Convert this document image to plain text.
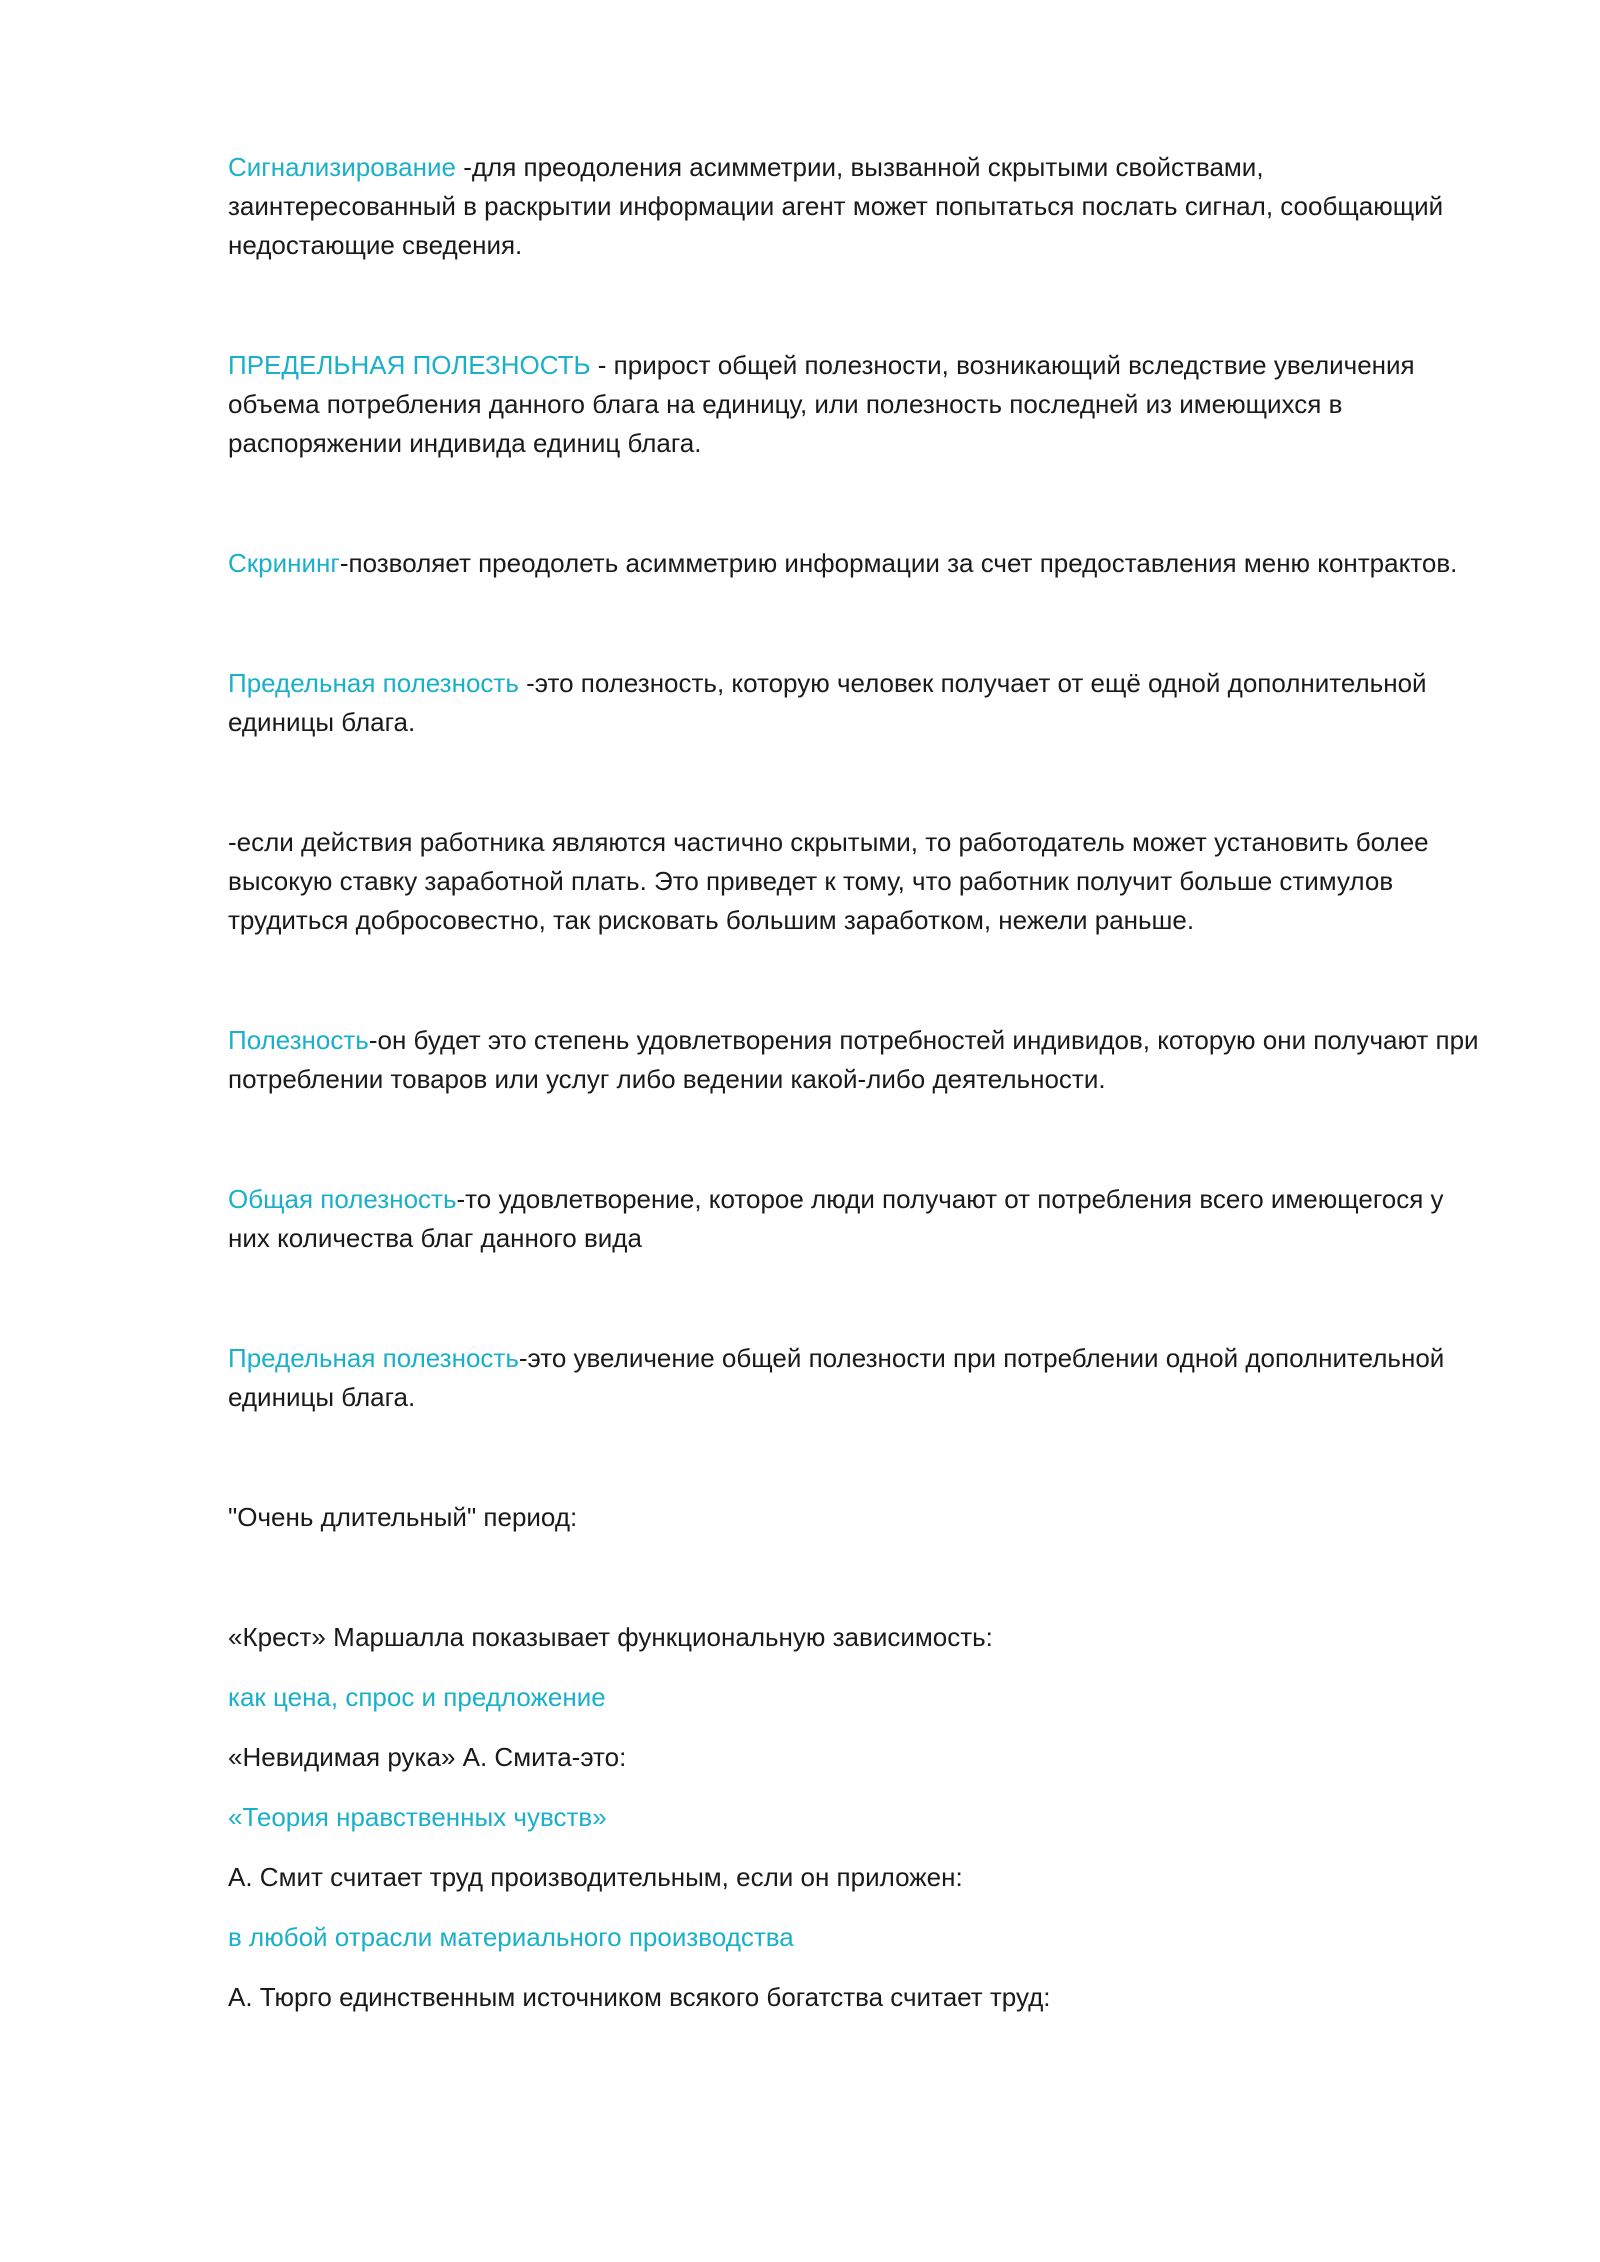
Сигнализирование -для преодоления асимметрии, вызванной скрытыми свойствами, заинтересованный в раскрытии информации агент может попытаться послать сигнал, сообщающий недостающие сведения.

ПРЕДЕЛЬНАЯ ПОЛЕЗНОСТЬ - прирост общей полезности, возникающий вследствие увеличения объема потребления данного блага на единицу, или полезность последней из имеющихся в распоряжении индивида единиц блага.

Скрининг-позволяет преодолеть асимметрию информации за счет предоставления меню контрактов.

Предельная полезность -это полезность, которую человек получает от ещё одной дополнительной единицы блага.

-если действия работника являются частично скрытыми, то работодатель может установить более высокую ставку заработной плать. Это приведет к тому, что работник получит больше стимулов трудиться добросовестно, так рисковать большим заработком, нежели раньше.

Полезность-он будет это степень удовлетворения потребностей индивидов, которую они получают при потреблении товаров или услуг либо ведении какой-либо деятельности.

Общая полезность-то удовлетворение, которое люди получают от потребления всего имеющегося у них количества благ данного вида

Предельная полезность-это увеличение общей полезности при потреблении одной дополнительной единицы блага.

"Очень длительный" период:

«Крест» Маршалла показывает функциональную зависимость:

как цена, спрос и предложение

«Невидимая рука» А. Смита-это:

«Теория нравственных чувств»

А. Смит считает труд производительным, если он приложен:

в любой отрасли материального производства

А. Тюрго единственным источником всякого богатства считает труд:
